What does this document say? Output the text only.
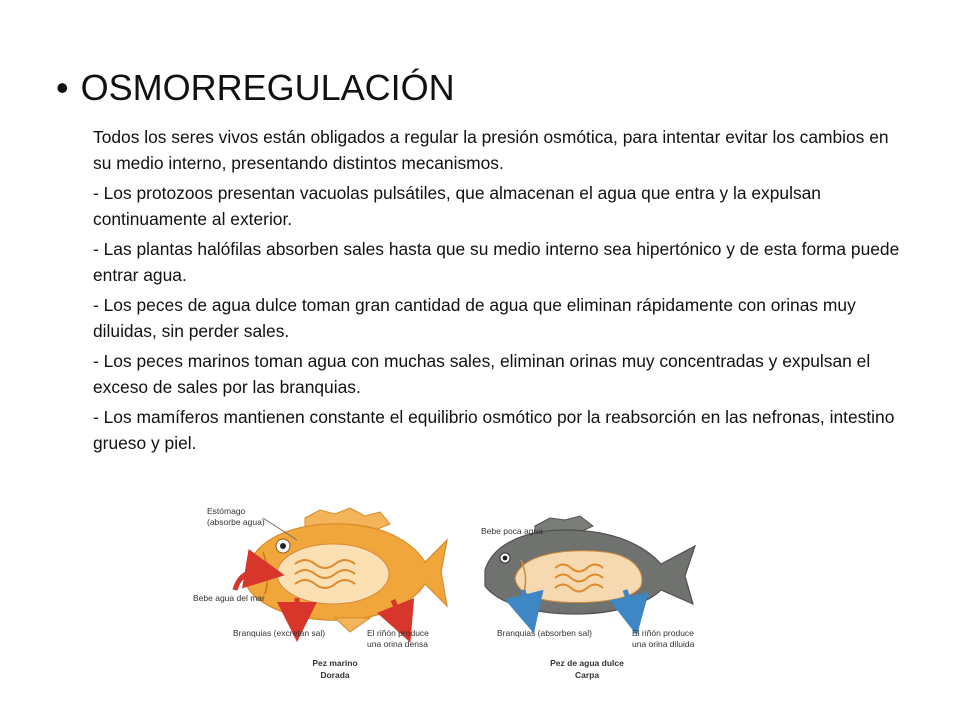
• OSMORREGULACIÓN

Todos los seres vivos están obligados a regular la presión osmótica, para intentar evitar los cambios en su medio interno, presentando distintos mecanismos.

- Los protozoos presentan vacuolas pulsátiles, que almacenan el agua que entra y la expulsan continuamente al exterior.

- Las plantas halófilas absorben sales hasta que su medio interno sea hipertónico y de esta forma puede entrar agua.

- Los peces de agua dulce toman gran cantidad de agua que eliminan rápidamente con orinas muy diluidas, sin perder sales.

- Los peces marinos toman agua con muchas sales, eliminan orinas muy concentradas y expulsan el exceso de sales por las branquias.

- Los mamíferos mantienen constante el equilibrio osmótico por la reabsorción en las nefronas, intestino grueso y piel.

Estómago
(absorbe agua)
Bebe agua del mar
Branquias (excretan sal)	El riñón produce
una orina densa
Pez marino
Dorada
Bebe poca agua
Branquias (absorben sal)	El riñón produce
una orina diluida
Pez de agua dulce
Carpa
